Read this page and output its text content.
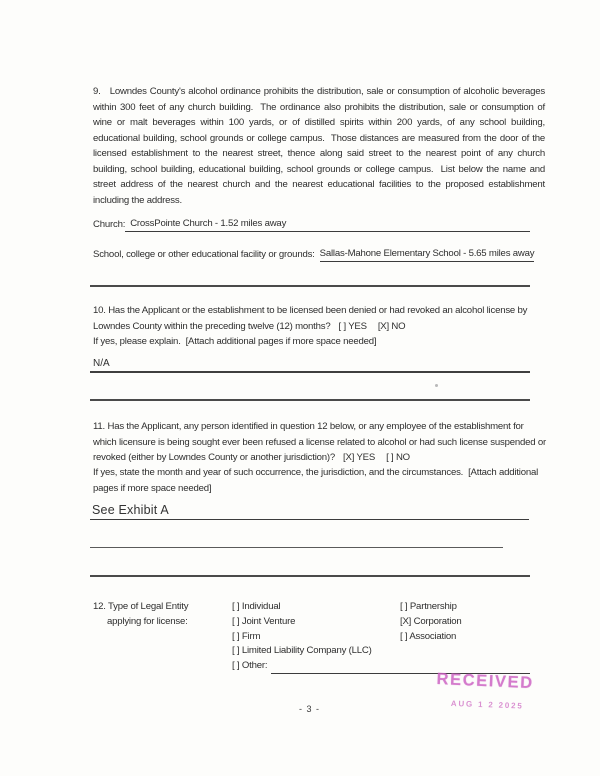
9.   Lowndes County's alcohol ordinance prohibits the distribution, sale or consumption of alcoholic beverages within 300 feet of any church building.  The ordinance also prohibits the distribution, sale or consumption of wine or malt beverages within 100 yards, or of distilled spirits within 200 yards, of any school building, educational building, school grounds or college campus.  Those distances are measured from the door of the licensed establishment to the nearest street, thence along said street to the nearest point of any church building, school building, educational building, school grounds or college campus.  List below the name and street address of the nearest church and the nearest educational facilities to the proposed establishment including the address.
Church: CrossPointe Church - 1.52 miles away
School, college or other educational facility or grounds: Sallas-Mahone Elementary School - 5.65 miles away
10. Has the Applicant or the establishment to be licensed been denied or had revoked an alcohol license by Lowndes County within the preceding twelve (12) months? [ ] YES [X] NO
If yes, please explain.  [Attach additional pages if more space needed]
N/A
11. Has the Applicant, any person identified in question 12 below, or any employee of the establishment for which licensure is being sought ever been refused a license related to alcohol or had such license suspended or revoked (either by Lowndes County or another jurisdiction)? [X] YES [ ] NO
If yes, state the month and year of such occurrence, the jurisdiction, and the circumstances.  [Attach additional pages if more space needed]
See Exhibit A
12. Type of Legal Entity
applying for license:
[ ] Individual
[ ] Joint Venture
[ ] Firm
[ ] Limited Liability Company (LLC)
[ ] Other:
[ ] Partnership
[X] Corporation
[ ] Association
RECEIVED
AUG 1 2 2025
- 3 -
